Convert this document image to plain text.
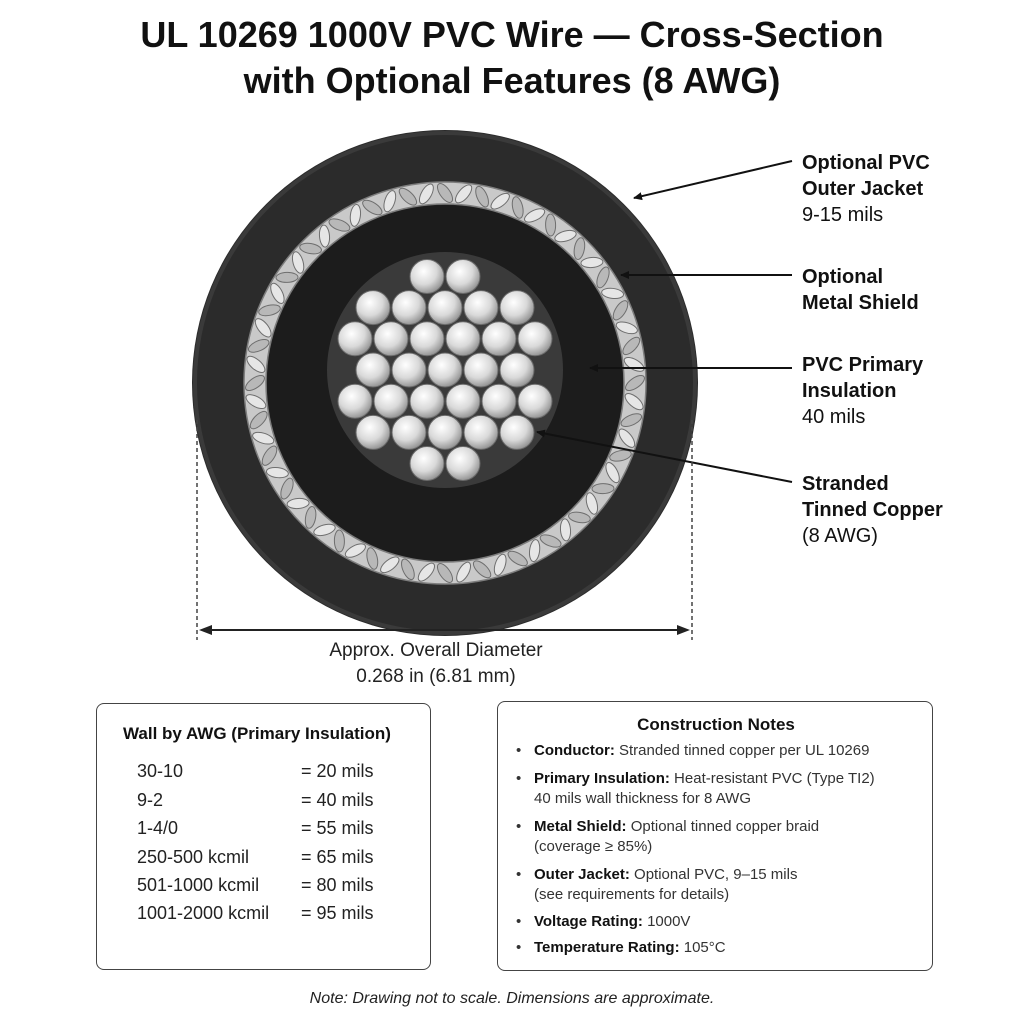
UL 10269 1000V PVC Wire — Cross-Section
with Optional Features (8 AWG)
Optional PVC
Outer Jacket
9-15 mils
Optional
Metal Shield
PVC Primary
Insulation
40 mils
Stranded
Tinned Copper
(8 AWG)
Approx. Overall Diameter
0.268 in (6.81 mm)
Wall by AWG (Primary Insulation)
30-10	= 20 mils
9-2	= 40 mils
1-4/0	= 55 mils
250-500 kcmil	= 65 mils
501-1000 kcmil = 80 mils
1001-2000 kcmil = 95 mils
Construction Notes
• Conductor: Stranded tinned copper per UL 10269
• Primary Insulation: Heat-resistant PVC (Type TI2)
40 mils wall thickness for 8 AWG
• Metal Shield: Optional tinned copper braid
(coverage ≥ 85%)
• Outer Jacket: Optional PVC, 9–15 mils
(see requirements for details)
• Voltage Rating: 1000V
• Temperature Rating: 105°C
Note: Drawing not to scale. Dimensions are approximate.
